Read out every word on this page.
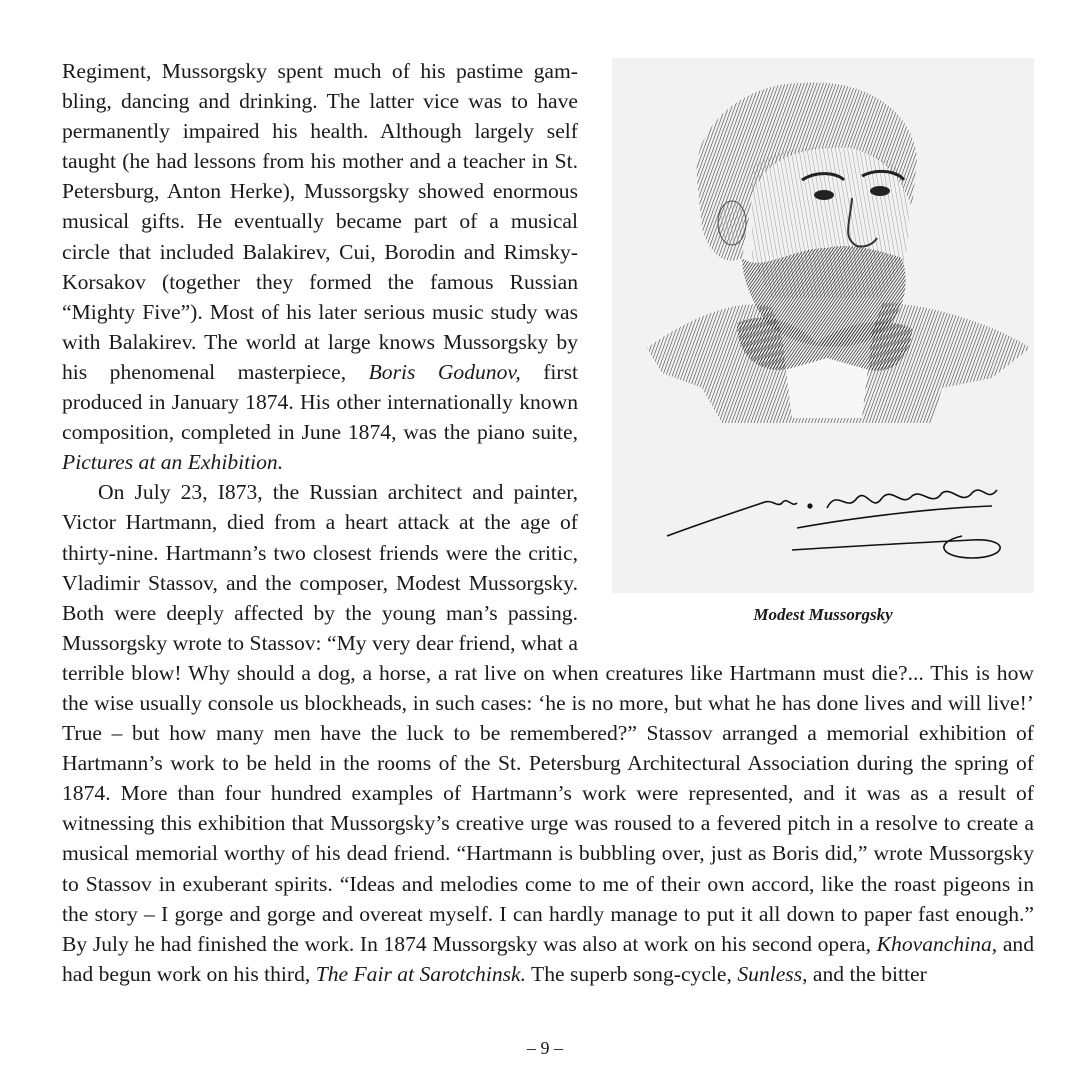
Modest Mussorgsky

Regiment, Mussorgsky spent much of his pastime gambling, dancing and drinking. The latter vice was to have permanently impaired his health. Although largely self taught (he had lessons from his mother and a teacher in St. Petersburg, Anton Herke), Mussorgsky showed enormous musical gifts. He eventually became part of a musical circle that included Balakirev, Cui, Borodin and Rimsky-Korsakov (together they formed the famous Russian “Mighty Five”). Most of his later serious music study was with Balakirev. The world at large knows Mussorgsky by his phenomenal masterpiece, Boris Godunov, first produced in January 1874. His other internationally known composition, completed in June 1874, was the piano suite, Pictures at an Exhibition.

On July 23, I873, the Russian architect and painter, Victor Hartmann, died from a heart attack at the age of thirty-nine. Hartmann’s two closest friends were the critic, Vladimir Stassov, and the composer, Modest Mussorgsky. Both were deeply affected by the young man’s passing. Mussorgsky wrote to Stassov: “My very dear friend, what a terrible blow! Why should a dog, a horse, a rat live on when creatures like Hartmann must die?... This is how the wise usually console us blockheads, in such cases: ‘he is no more, but what he has done lives and will live!’ True – but how many men have the luck to be remembered?” Stassov arranged a memorial exhibition of Hartmann’s work to be held in the rooms of the St. Petersburg Architectural Association during the spring of 1874. More than four hundred examples of Hartmann’s work were represented, and it was as a result of witnessing this exhibition that Mussorgsky’s creative urge was roused to a fevered pitch in a resolve to create a musical memorial worthy of his dead friend. “Hartmann is bubbling over, just as Boris did,” wrote Mussorgsky to Stassov in exuberant spirits. “Ideas and melodies come to me of their own accord, like the roast pigeons in the story – I gorge and gorge and overeat myself. I can hardly manage to put it all down to paper fast enough.” By July he had finished the work. In 1874 Mussorgsky was also at work on his second opera, Khovanchina, and had begun work on his third, The Fair at Sarotchinsk. The superb song-cycle, Sunless, and the bitter

– 9 –
